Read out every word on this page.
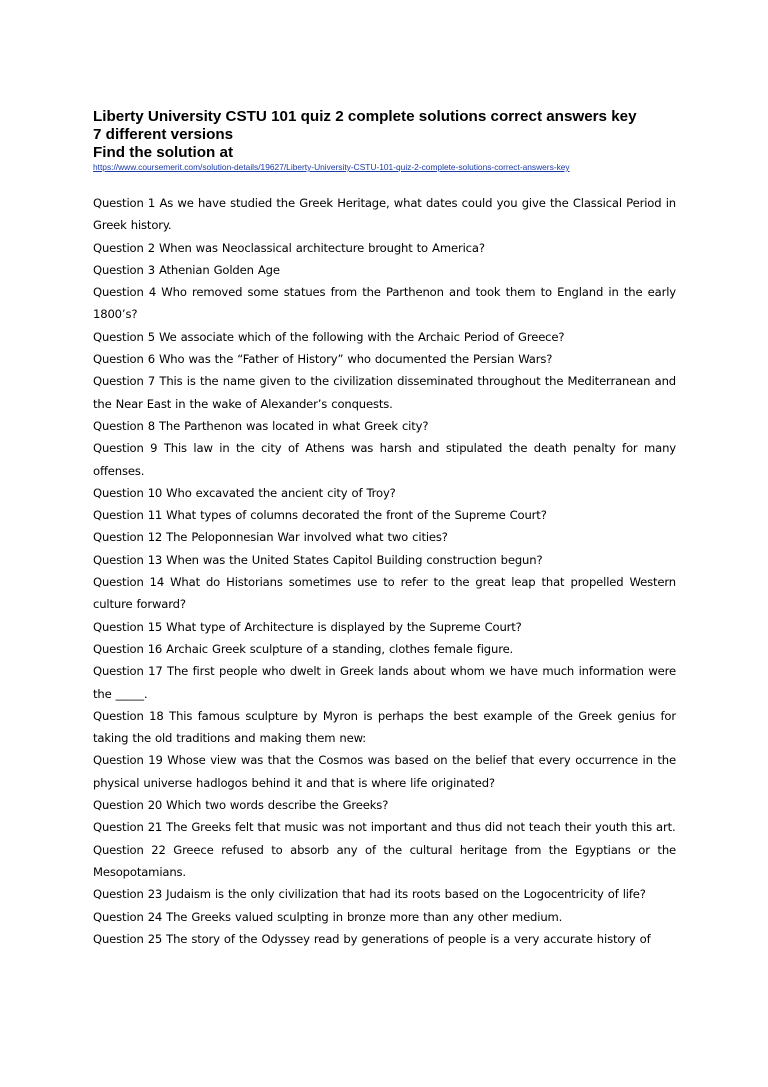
Liberty University CSTU 101 quiz 2 complete solutions correct answers key

7 different versions

Find the solution at

https://www.coursemerit.com/solution-details/19627/Liberty-University-CSTU-101-quiz-2-complete-solutions-correct-answers-key

Question 1 As we have studied the Greek Heritage, what dates could you give the Classical Period in Greek history.

Question 2 When was Neoclassical architecture brought to America?

Question 3 Athenian Golden Age

Question 4 Who removed some statues from the Parthenon and took them to England in the early 1800’s?

Question 5 We associate which of the following with the Archaic Period of Greece?

Question 6 Who was the “Father of History” who documented the Persian Wars?

Question 7 This is the name given to the civilization disseminated throughout the Mediterranean and the Near East in the wake of Alexander’s conquests.

Question 8 The Parthenon was located in what Greek city?

Question 9 This law in the city of Athens was harsh and stipulated the death penalty for many offenses.

Question 10 Who excavated the ancient city of Troy?

Question 11 What types of columns decorated the front of the Supreme Court?

Question 12 The Peloponnesian War involved what two cities?

Question 13 When was the United States Capitol Building construction begun?

Question 14 What do Historians sometimes use to refer to the great leap that propelled Western culture forward?

Question 15 What type of Architecture is displayed by the Supreme Court?

Question 16 Archaic Greek sculpture of a standing, clothes female figure.

Question 17 The first people who dwelt in Greek lands about whom we have much information were the _____.

Question 18 This famous sculpture by Myron is perhaps the best example of the Greek genius for taking the old traditions and making them new:

Question 19 Whose view was that the Cosmos was based on the belief that every occurrence in the physical universe hadlogos behind it and that is where life originated?

Question 20 Which two words describe the Greeks?

Question 21 The Greeks felt that music was not important and thus did not teach their youth this art.

Question 22 Greece refused to absorb any of the cultural heritage from the Egyptians or the Mesopotamians.

Question 23 Judaism is the only civilization that had its roots based on the Logocentricity of life?

Question 24 The Greeks valued sculpting in bronze more than any other medium.

Question 25 The story of the Odyssey read by generations of people is a very accurate history of
